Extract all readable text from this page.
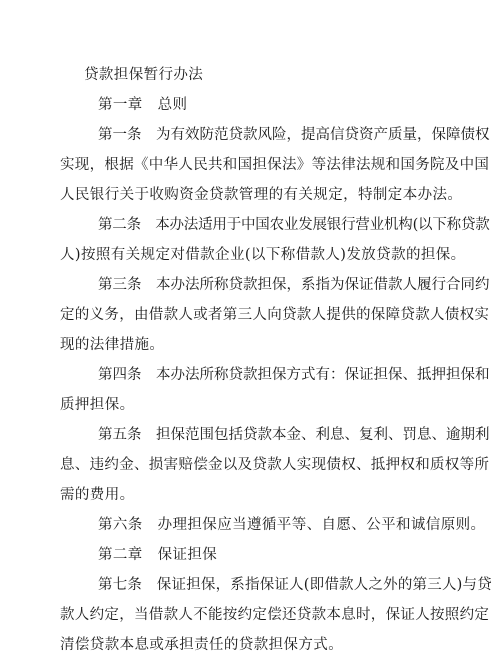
贷款担保暂行办法
第一章　总则
第一条　为有效防范贷款风险，提高信贷资产质量，保障债权
实现，根据《中华人民共和国担保法》等法律法规和国务院及中国
人民银行关于收购资金贷款管理的有关规定，特制定本办法。
第二条　本办法适用于中国农业发展银行营业机构(以下称贷款
人)按照有关规定对借款企业(以下称借款人)发放贷款的担保。
第三条　本办法所称贷款担保，系指为保证借款人履行合同约
定的义务，由借款人或者第三人向贷款人提供的保障贷款人债权实
现的法律措施。
第四条　本办法所称贷款担保方式有：保证担保、抵押担保和
质押担保。
第五条　担保范围包括贷款本金、利息、复利、罚息、逾期利
息、违约金、损害赔偿金以及贷款人实现债权、抵押权和质权等所
需的费用。
第六条　办理担保应当遵循平等、自愿、公平和诚信原则。
第二章　保证担保
第七条　保证担保，系指保证人(即借款人之外的第三人)与贷
款人约定，当借款人不能按约定偿还贷款本息时，保证人按照约定
清偿贷款本息或承担责任的贷款担保方式。
